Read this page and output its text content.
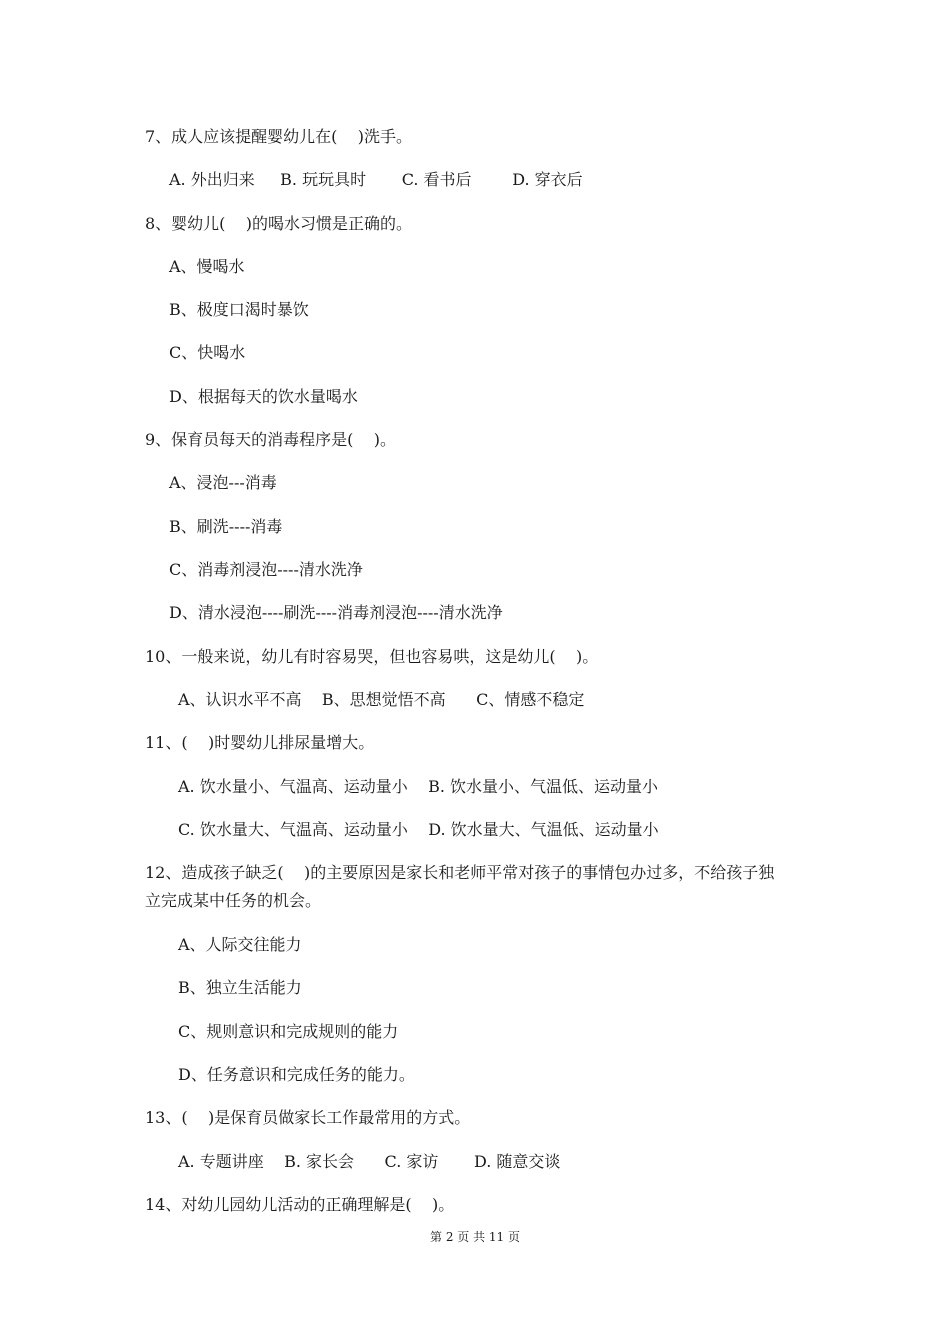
7、成人应该提醒婴幼儿在(    )洗手。
A. 外出归来     B. 玩玩具时       C. 看书后        D. 穿衣后
8、婴幼儿(    )的喝水习惯是正确的。
A、慢喝水
B、极度口渴时暴饮
C、快喝水
D、根据每天的饮水量喝水
9、保育员每天的消毒程序是(    )。
A、浸泡---消毒
B、刷洗----消毒
C、消毒剂浸泡----清水洗净
D、清水浸泡----刷洗----消毒剂浸泡----清水洗净
10、一般来说，幼儿有时容易哭，但也容易哄，这是幼儿(    )。
A、认识水平不高    B、思想觉悟不高      C、情感不稳定
11、(    )时婴幼儿排尿量增大。
A. 饮水量小、气温高、运动量小    B. 饮水量小、气温低、运动量小
C. 饮水量大、气温高、运动量小    D. 饮水量大、气温低、运动量小
12、造成孩子缺乏(    )的主要原因是家长和老师平常对孩子的事情包办过多，不给孩子独
立完成某中任务的机会。
A、人际交往能力
B、独立生活能力
C、规则意识和完成规则的能力
D、任务意识和完成任务的能力。
13、(    )是保育员做家长工作最常用的方式。
A. 专题讲座    B. 家长会      C. 家访       D. 随意交谈
14、对幼儿园幼儿活动的正确理解是(    )。
第 2 页 共 11 页
